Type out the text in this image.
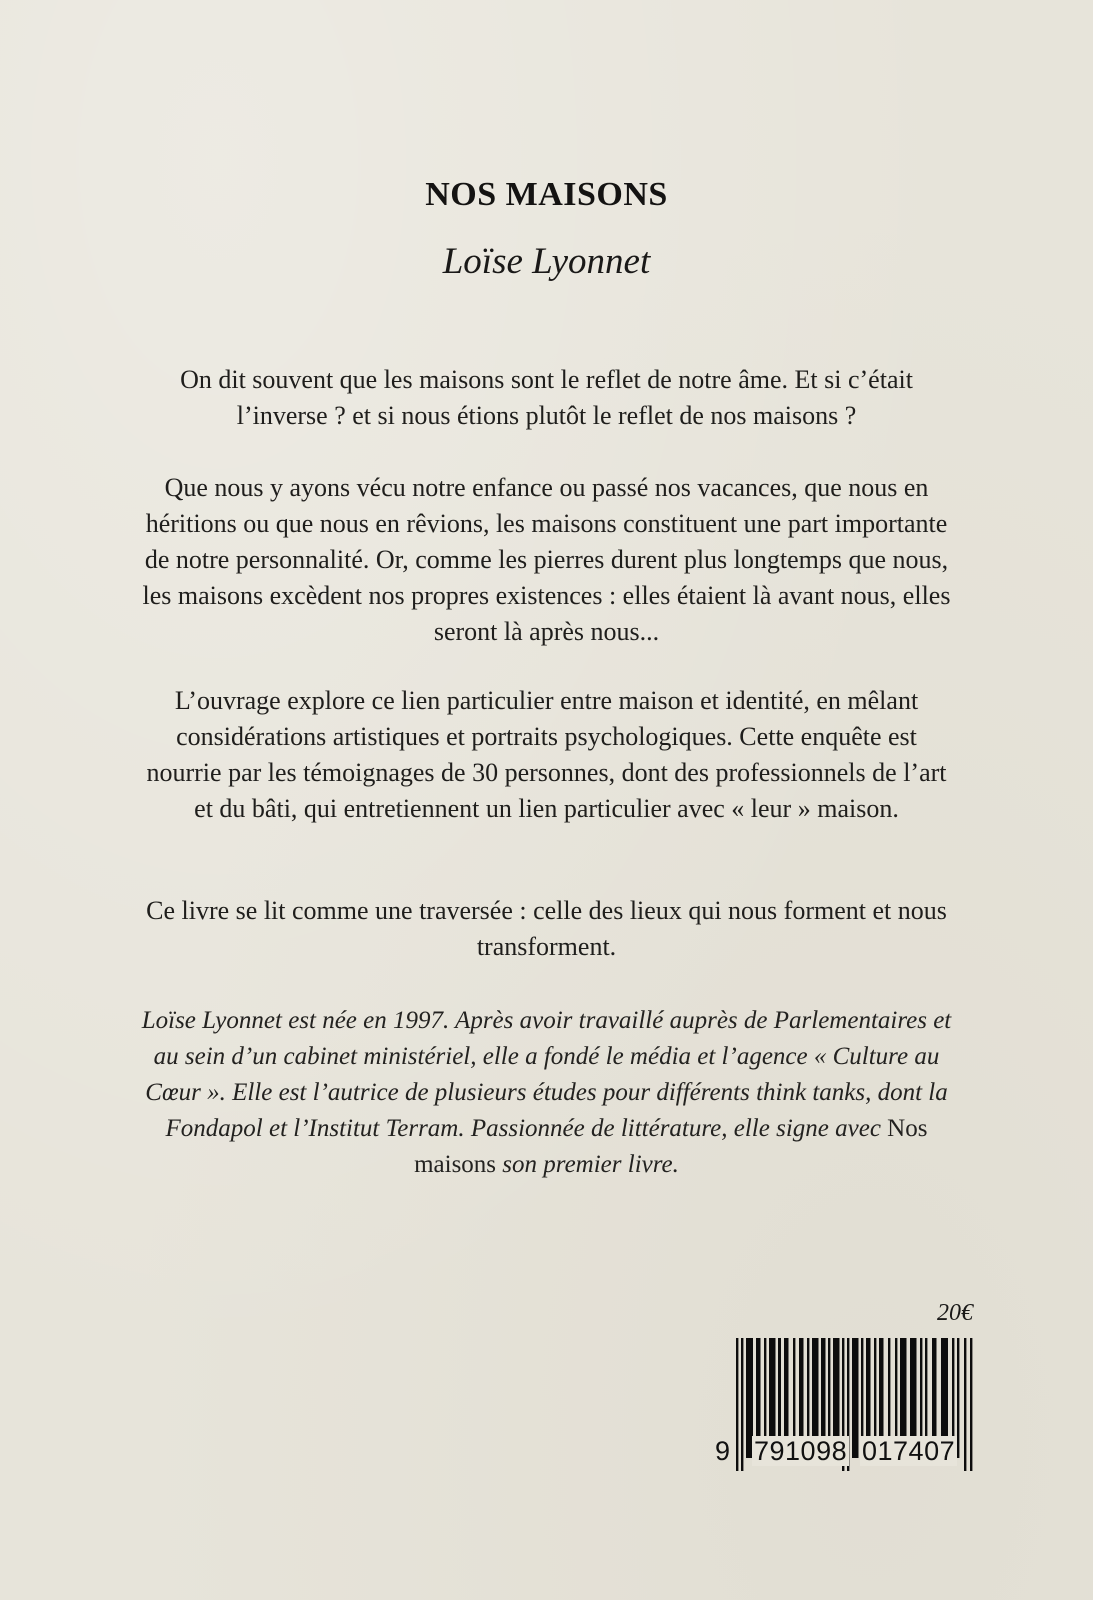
NOS MAISONS
Loïse Lyonnet

On dit souvent que les maisons sont le reflet de notre âme. Et si c’était l’inverse ? et si nous étions plutôt le reflet de nos maisons ?

Que nous y ayons vécu notre enfance ou passé nos vacances, que nous en héritions ou que nous en rêvions, les maisons constituent une part importante de notre personnalité. Or, comme les pierres durent plus longtemps que nous, les maisons excèdent nos propres existences : elles étaient là avant nous, elles seront là après nous...

L’ouvrage explore ce lien particulier entre maison et identité, en mêlant considérations artistiques et portraits psychologiques. Cette enquête est nourrie par les témoignages de 30 personnes, dont des professionnels de l’art et du bâti, qui entretiennent un lien particulier avec « leur » maison.

Ce livre se lit comme une traversée : celle des lieux qui nous forment et nous transforment.

Loïse Lyonnet est née en 1997. Après avoir travaillé auprès de Parlementaires et au sein d’un cabinet ministériel, elle a fondé le média et l’agence « Culture au Cœur ». Elle est l’autrice de plusieurs études pour différents think tanks, dont la Fondapol et l’Institut Terram. Passionnée de littérature, elle signe avec Nos maisons son premier livre.
20€
9 791098 017407
